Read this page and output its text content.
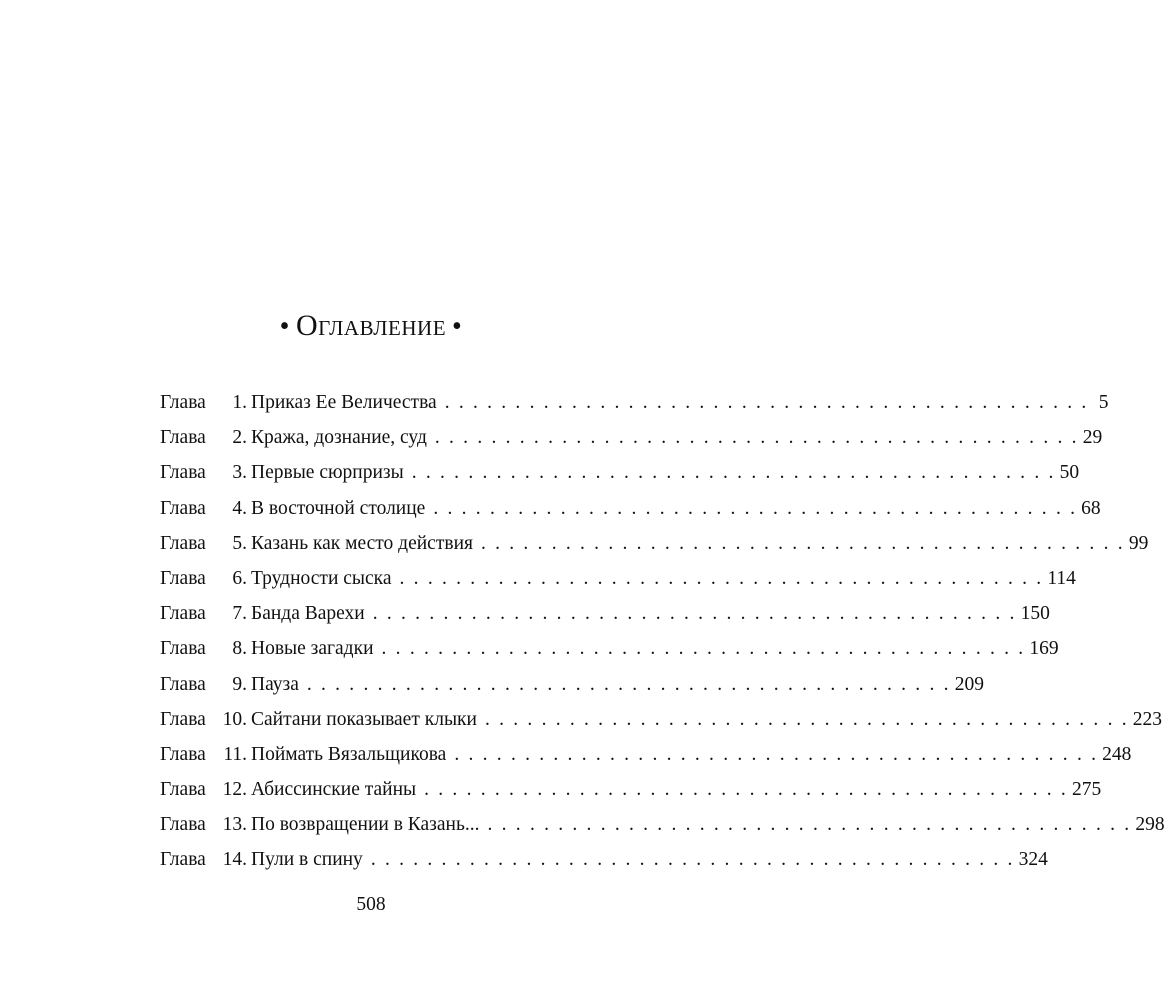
• Оглавление •
Глава	1. Приказ Ее Величества . . . . . . . . . . . . . . . . . . . . . . . . . . . . . . . . . . . . . . . . . . . . . . 5
Глава	2. Кража, дознание, суд . . . . . . . . . . . . . . . . . . . . . . . . . . . . . . . . . . . . . . . . . . . . . . 29
Глава	3. Первые сюрпризы . . . . . . . . . . . . . . . . . . . . . . . . . . . . . . . . . . . . . . . . . . . . . . 50
Глава	4. В восточной столице . . . . . . . . . . . . . . . . . . . . . . . . . . . . . . . . . . . . . . . . . . . . . . 68
Глава	5. Казань как место действия . . . . . . . . . . . . . . . . . . . . . . . . . . . . . . . . . . . . . . . . . . . . . . 99
Глава	6. Трудности сыска . . . . . . . . . . . . . . . . . . . . . . . . . . . . . . . . . . . . . . . . . . . . . . 114
Глава	7. Банда Варехи . . . . . . . . . . . . . . . . . . . . . . . . . . . . . . . . . . . . . . . . . . . . . . 150
Глава	8. Новые загадки . . . . . . . . . . . . . . . . . . . . . . . . . . . . . . . . . . . . . . . . . . . . . . 169
Глава	9. Пауза . . . . . . . . . . . . . . . . . . . . . . . . . . . . . . . . . . . . . . . . . . . . . . 209
Глава 10. Сайтани показывает клыки . . . . . . . . . . . . . . . . . . . . . . . . . . . . . . . . . . . . . . . . . . . . . . 223
Глава 11. Поймать Вязальщикова . . . . . . . . . . . . . . . . . . . . . . . . . . . . . . . . . . . . . . . . . . . . . . 248
Глава 12. Абиссинские тайны . . . . . . . . . . . . . . . . . . . . . . . . . . . . . . . . . . . . . . . . . . . . . . 275
Глава 13. По возвращении в Казань... . . . . . . . . . . . . . . . . . . . . . . . . . . . . . . . . . . . . . . . . . . . . . . 298
Глава 14. Пули в спину . . . . . . . . . . . . . . . . . . . . . . . . . . . . . . . . . . . . . . . . . . . . . . 324
508
